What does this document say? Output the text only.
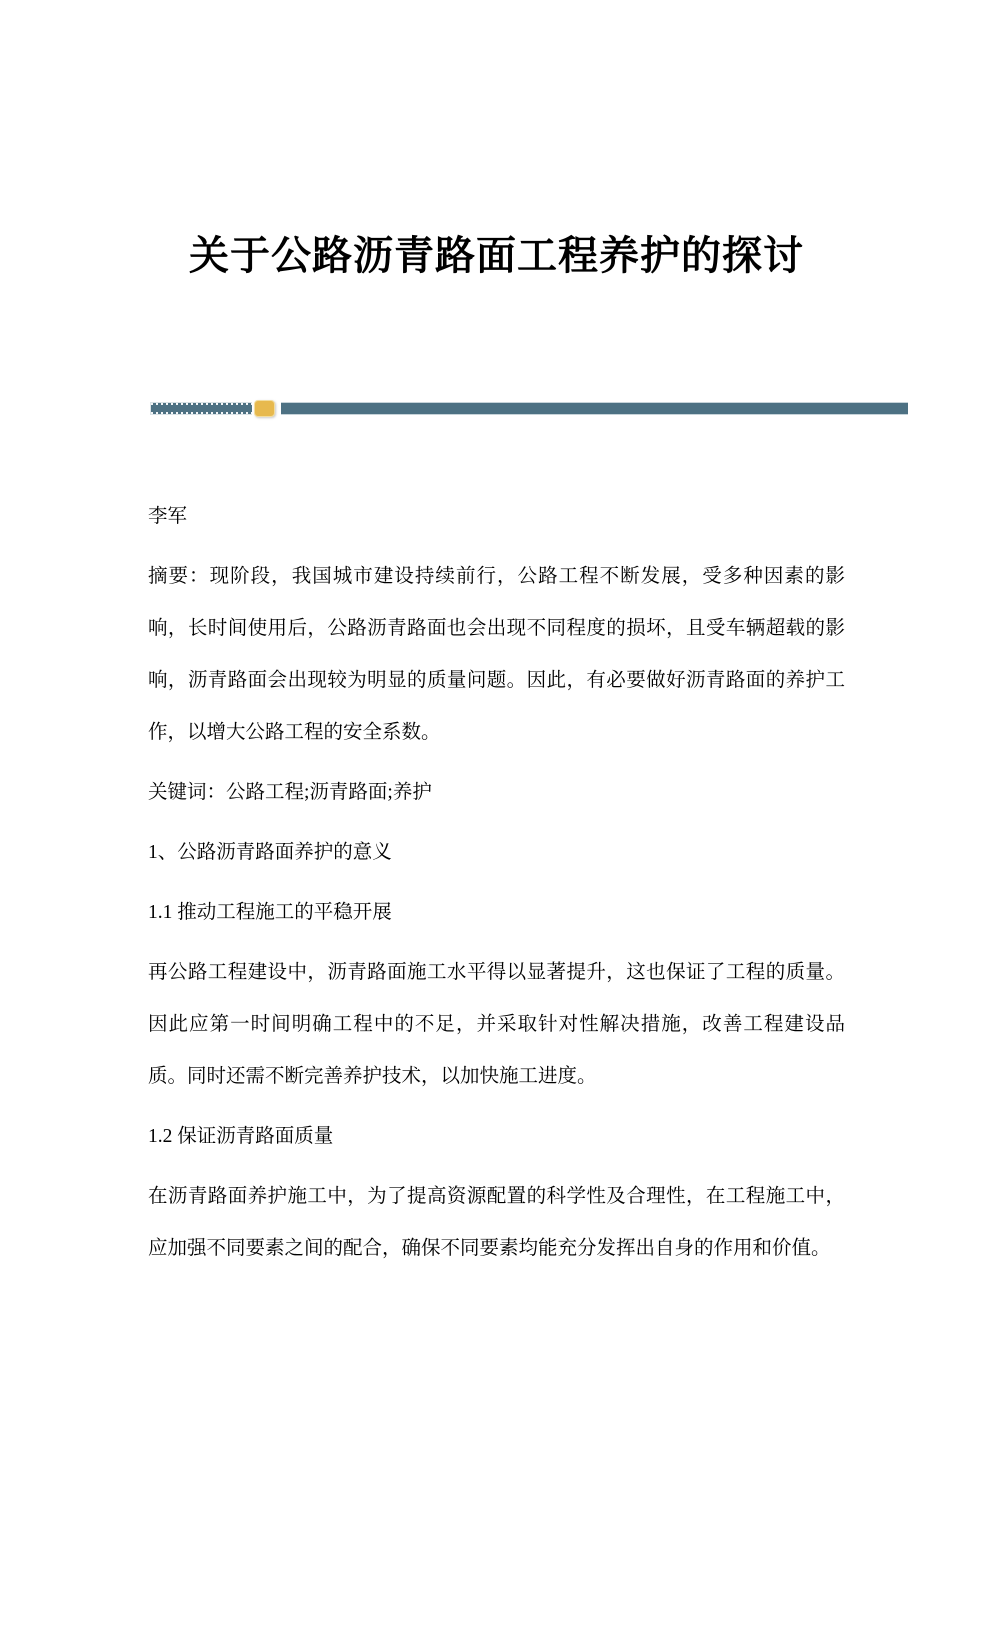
关于公路沥青路面工程养护的探讨

李军

摘要：现阶段，我国城市建设持续前行，公路工程不断发展，受多种因素的影响，长时间使用后，公路沥青路面也会出现不同程度的损坏，且受车辆超载的影响，沥青路面会出现较为明显的质量问题。因此，有必要做好沥青路面的养护工作，以增大公路工程的安全系数。

关键词：公路工程;沥青路面;养护

1、公路沥青路面养护的意义

1.1 推动工程施工的平稳开展

再公路工程建设中，沥青路面施工水平得以显著提升，这也保证了工程的质量。因此应第一时间明确工程中的不足，并采取针对性解决措施，改善工程建设品质。同时还需不断完善养护技术，以加快施工进度。

1.2 保证沥青路面质量

在沥青路面养护施工中，为了提高资源配置的科学性及合理性，在工程施工中，应加强不同要素之间的配合，确保不同要素均能充分发挥出自身的作用和价值。
